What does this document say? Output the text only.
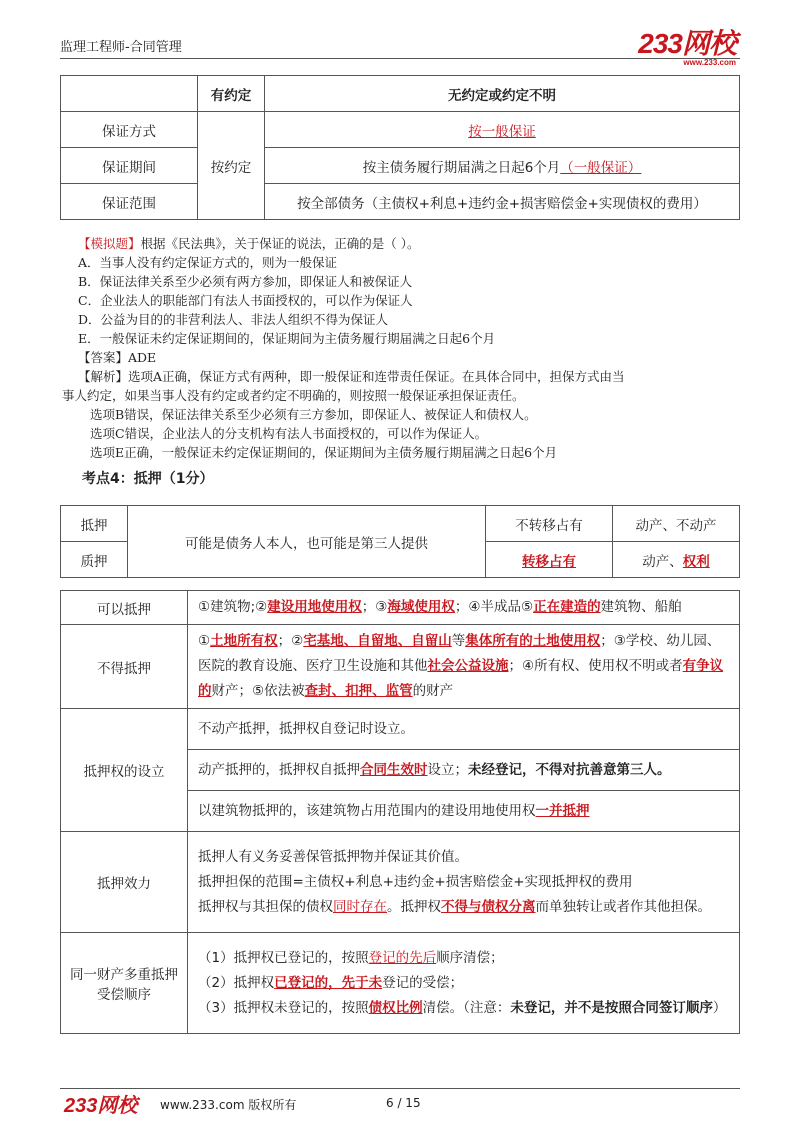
监理工程师-合同管理	233网校
www.233.com
	有约定	无约定或约定不明
保证方式	按约定	按一般保证
保证期间		按主债务履行期届满之日起6个月（一般保证）
保证范围		按全部债务（主债权+利息+违约金+损害赔偿金+实现债权的费用）
【模拟题】根据《民法典》，关于保证的说法，正确的是（ ）。
A．当事人没有约定保证方式的，则为一般保证
B．保证法律关系至少必须有两方参加，即保证人和被保证人
C．企业法人的职能部门有法人书面授权的，可以作为保证人
D．公益为目的的非营利法人、非法人组织不得为保证人
E．一般保证未约定保证期间的，保证期间为主债务履行期届满之日起6个月
【答案】ADE
【解析】选项A正确，保证方式有两种，即一般保证和连带责任保证。在具体合同中，担保方式由当
事人约定，如果当事人没有约定或者约定不明确的，则按照一般保证承担保证责任。
选项B错误，保证法律关系至少必须有三方参加，即保证人、被保证人和债权人。
选项C错误，企业法人的分支机构有法人书面授权的，可以作为保证人。
选项E正确，一般保证未约定保证期间的，保证期间为主债务履行期届满之日起6个月
考点4：抵押（1分）
抵押	可能是债务人本人，也可能是第三人提供	不转移占有	动产、不动产
质押		转移占有	动产、权利
可以抵押	①建筑物;②建设用地使用权；③海域使用权；④半成品⑤正在建造的建筑物、船舶
不得抵押	①土地所有权；②宅基地、自留地、自留山等集体所有的土地使用权；③学校、幼儿园、医院的教育设施、医疗卫生设施和其他社会公益设施；④所有权、使用权不明或者有争议的财产；⑤依法被查封、扣押、监管的财产
抵押权的设立	不动产抵押，抵押权自登记时设立。
	动产抵押的，抵押权自抵押合同生效时设立；未经登记，不得对抗善意第三人。
	以建筑物抵押的，该建筑物占用范围内的建设用地使用权一并抵押
抵押效力	抵押人有义务妥善保管抵押物并保证其价值。
抵押担保的范围=主债权+利息+违约金+损害赔偿金+实现抵押权的费用
抵押权与其担保的债权同时存在。抵押权不得与债权分离而单独转让或者作其他担保。

同一财产多重抵押受偿顺序	（1）抵押权已登记的，按照登记的先后顺序清偿；
（2）抵押权已登记的，先于未登记的受偿；
（3）抵押权未登记的，按照债权比例清偿。（注意：未登记，并不是按照合同签订顺序）
233网校 www.233.com 版权所有	6 / 15
